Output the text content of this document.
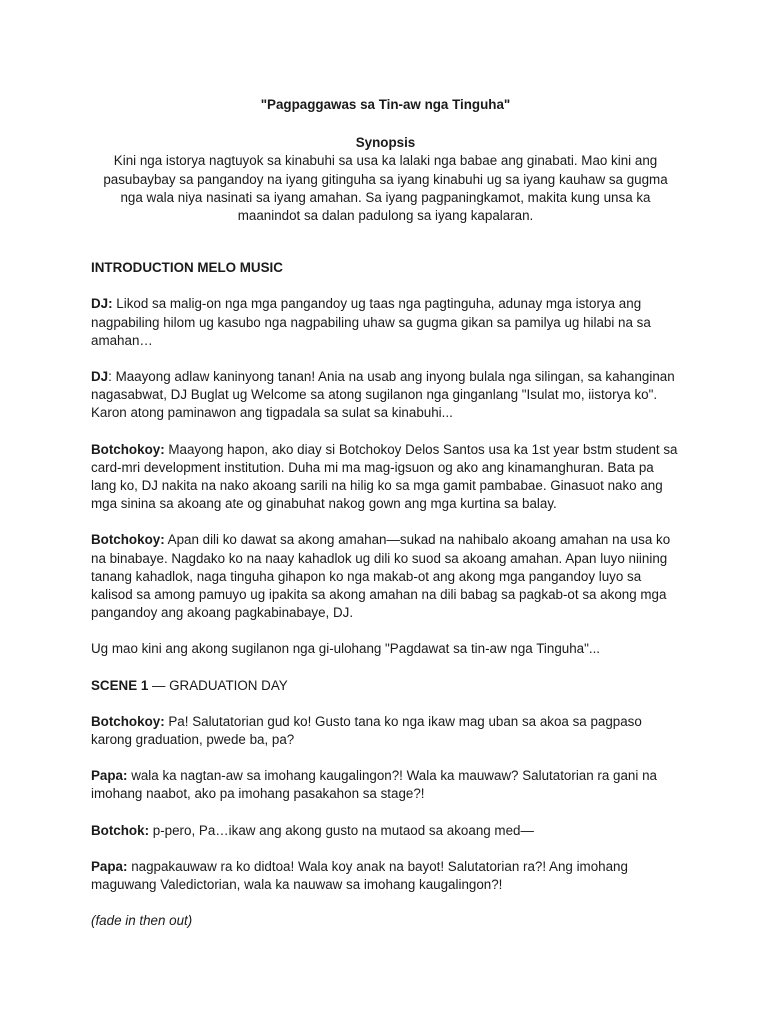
"Pagpaggawas sa Tin-aw nga Tinguha"

Synopsis

Kini nga istorya nagtuyok sa kinabuhi sa usa ka lalaki nga babae ang ginabati. Mao kini ang pasubaybay sa pangandoy na iyang gitinguha sa iyang kinabuhi ug sa iyang kauhaw sa gugma nga wala niya nasinati sa iyang amahan. Sa iyang pagpaningkamot, makita kung unsa ka maanindot sa dalan padulong sa iyang kapalaran.

INTRODUCTION MELO MUSIC

DJ: Likod sa malig-on nga mga pangandoy ug taas nga pagtinguha, adunay mga istorya ang nagpabiling hilom ug kasubo nga nagpabiling uhaw sa gugma gikan sa pamilya ug hilabi na sa amahan…

DJ: Maayong adlaw kaninyong tanan! Ania na usab ang inyong bulala nga silingan, sa kahanginan nagasabwat, DJ Buglat ug Welcome sa atong sugilanon nga ginganlang "Isulat mo, iistorya ko". Karon atong paminawon ang tigpadala sa sulat sa kinabuhi...

Botchokoy: Maayong hapon, ako diay si Botchokoy Delos Santos usa ka 1st year bstm student sa card-mri development institution. Duha mi ma mag-igsuon og ako ang kinamanghuran. Bata pa lang ko, DJ nakita na nako akoang sarili na hilig ko sa mga gamit pambabae. Ginasuot nako ang mga sinina sa akoang ate og ginabuhat nakog gown ang mga kurtina sa balay.

Botchokoy: Apan dili ko dawat sa akong amahan—sukad na nahibalo akoang amahan na usa ko na binabaye. Nagdako ko na naay kahadlok ug dili ko suod sa akoang amahan. Apan luyo niining tanang kahadlok, naga tinguha gihapon ko nga makab-ot ang akong mga pangandoy luyo sa kalisod sa among pamuyo ug ipakita sa akong amahan na dili babag sa pagkab-ot sa akong mga pangandoy ang akoang pagkabinabaye, DJ.

Ug mao kini ang akong sugilanon nga gi-ulohang "Pagdawat sa tin-aw nga Tinguha"...

SCENE 1 — GRADUATION DAY

Botchokoy: Pa! Salutatorian gud ko! Gusto tana ko nga ikaw mag uban sa akoa sa pagpaso karong graduation, pwede ba, pa?

Papa: wala ka nagtan-aw sa imohang kaugalingon?! Wala ka mauwaw? Salutatorian ra gani na imohang naabot, ako pa imohang pasakahon sa stage?!

Botchok: p-pero, Pa…ikaw ang akong gusto na mutaod sa akoang med—

Papa: nagpakauwaw ra ko didtoa! Wala koy anak na bayot! Salutatorian ra?! Ang imohang maguwang Valedictorian, wala ka nauwaw sa imohang kaugalingon?!

(fade in then out)
